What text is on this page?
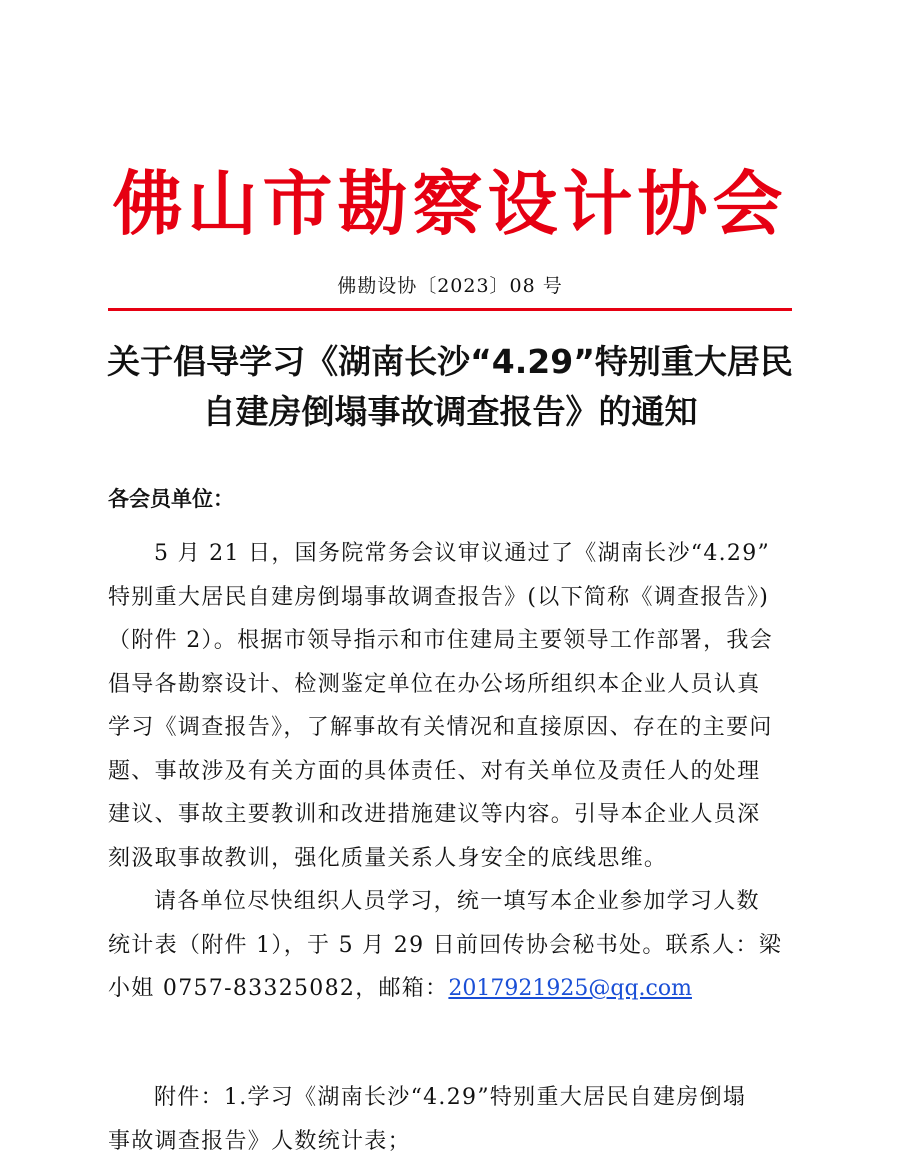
佛山市勘察设计协会
佛勘设协〔2023〕08 号
关于倡导学习《湖南长沙“4.29”特别重大居民
自建房倒塌事故调查报告》的通知
各会员单位：
5 月 21 日，国务院常务会议审议通过了《湖南长沙“4.29”
特别重大居民自建房倒塌事故调查报告》(以下简称《调查报告》)
（附件 2）。根据市领导指示和市住建局主要领导工作部署，我会
倡导各勘察设计、检测鉴定单位在办公场所组织本企业人员认真
学习《调查报告》，了解事故有关情况和直接原因、存在的主要问
题、事故涉及有关方面的具体责任、对有关单位及责任人的处理
建议、事故主要教训和改进措施建议等内容。引导本企业人员深
刻汲取事故教训，强化质量关系人身安全的底线思维。
请各单位尽快组织人员学习，统一填写本企业参加学习人数
统计表（附件 1），于 5 月 29 日前回传协会秘书处。联系人：梁
小姐 0757-83325082，邮箱：2017921925@qq.com
附件：1.学习《湖南长沙“4.29”特别重大居民自建房倒塌
事故调查报告》人数统计表；
